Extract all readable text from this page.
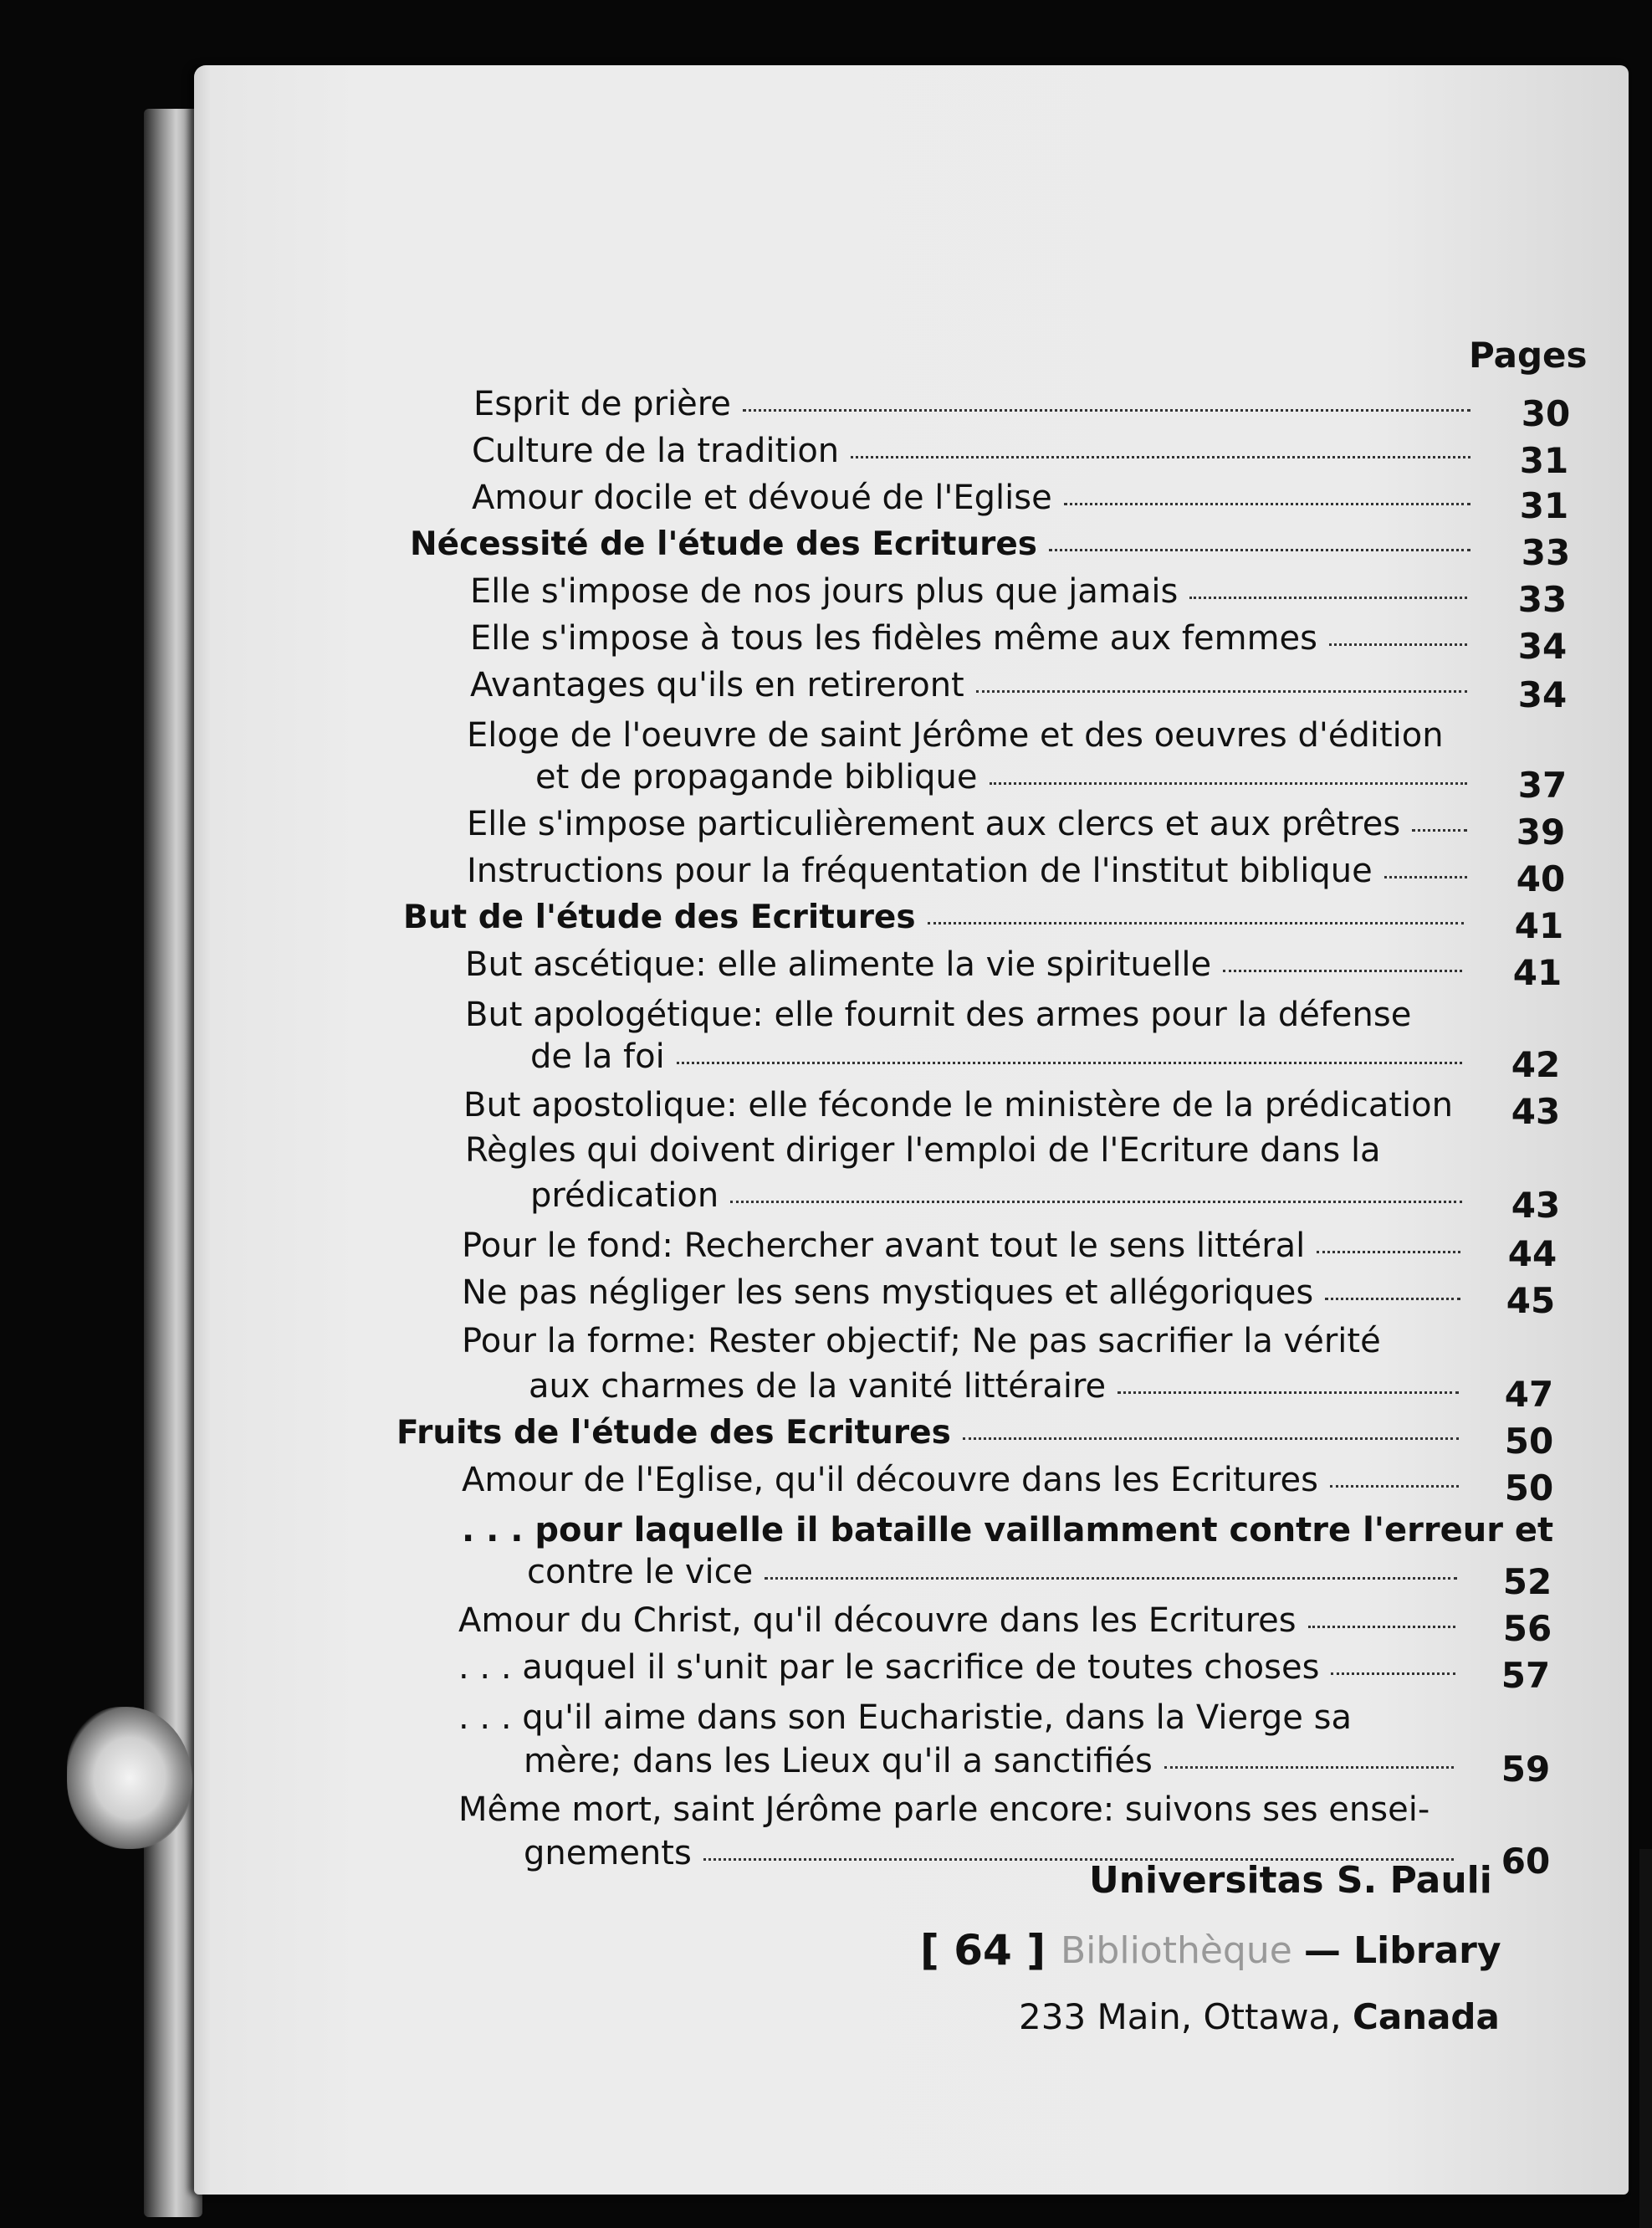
Pages
Esprit de prière	30
Culture de la tradition	31
Amour docile et dévoué de l'Eglise	31
Nécessité de l'étude des Ecritures	33
Elle s'impose de nos jours plus que jamais	33
Elle s'impose à tous les fidèles même aux femmes	34
Avantages qu'ils en retireront	34
Eloge de l'oeuvre de saint Jérôme et des oeuvres d'édition
et de propagande biblique	37
Elle s'impose particulièrement aux clercs et aux prêtres	39
Instructions pour la fréquentation de l'institut biblique	40
But de l'étude des Ecritures	41
But ascétique: elle alimente la vie spirituelle	41
But apologétique: elle fournit des armes pour la défense
de la foi	42
But apostolique: elle féconde le ministère de la prédication 43
Règles qui doivent diriger l'emploi de l'Ecriture dans la
prédication	43
Pour le fond: Rechercher avant tout le sens littéral	44
Ne pas négliger les sens mystiques et allégoriques	45
Pour la forme: Rester objectif; Ne pas sacrifier la vérité
aux charmes de la vanité littéraire	47
Fruits de l'étude des Ecritures	50
Amour de l'Eglise, qu'il découvre dans les Ecritures	50
. . . pour laquelle il bataille vaillamment contre l'erreur et
contre le vice	52
Amour du Christ, qu'il découvre dans les Ecritures	56
. . . auquel il s'unit par le sacrifice de toutes choses	57
. . . qu'il aime dans son Eucharistie, dans la Vierge sa
mère; dans les Lieux qu'il a sanctifiés	59
Même mort, saint Jérôme parle encore: suivons ses ensei-
gnements	60
Universitas S. Pauli
[ 64 ] Bibliothèque — Library
233 Main, Ottawa, Canada
